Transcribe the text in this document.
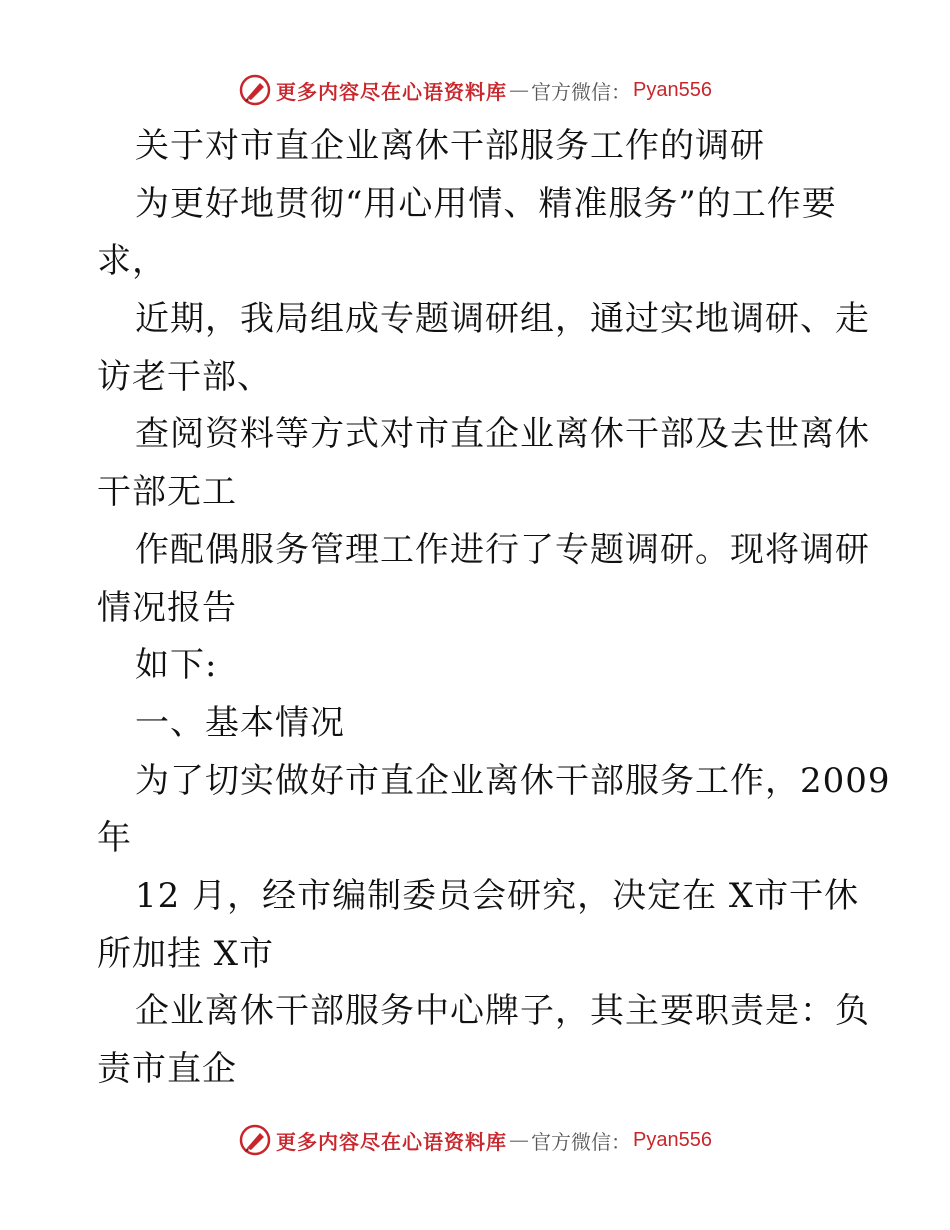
更多内容尽在心语资料库 — 官方微信： Pyan556
关于对市直企业离休干部服务工作的调研
为更好地贯彻“用心用情、精准服务”的工作要
求，
近期，我局组成专题调研组，通过实地调研、走
访老干部、
查阅资料等方式对市直企业离休干部及去世离休
干部无工
作配偶服务管理工作进行了专题调研。现将调研
情况报告
如下:
一、基本情况
为了切实做好市直企业离休干部服务工作，2009
年
12 月，经市编制委员会研究，决定在 X市干休
所加挂 X市
企业离休干部服务中心牌子，其主要职责是：负
责市直企
更多内容尽在心语资料库 — 官方微信： Pyan556
